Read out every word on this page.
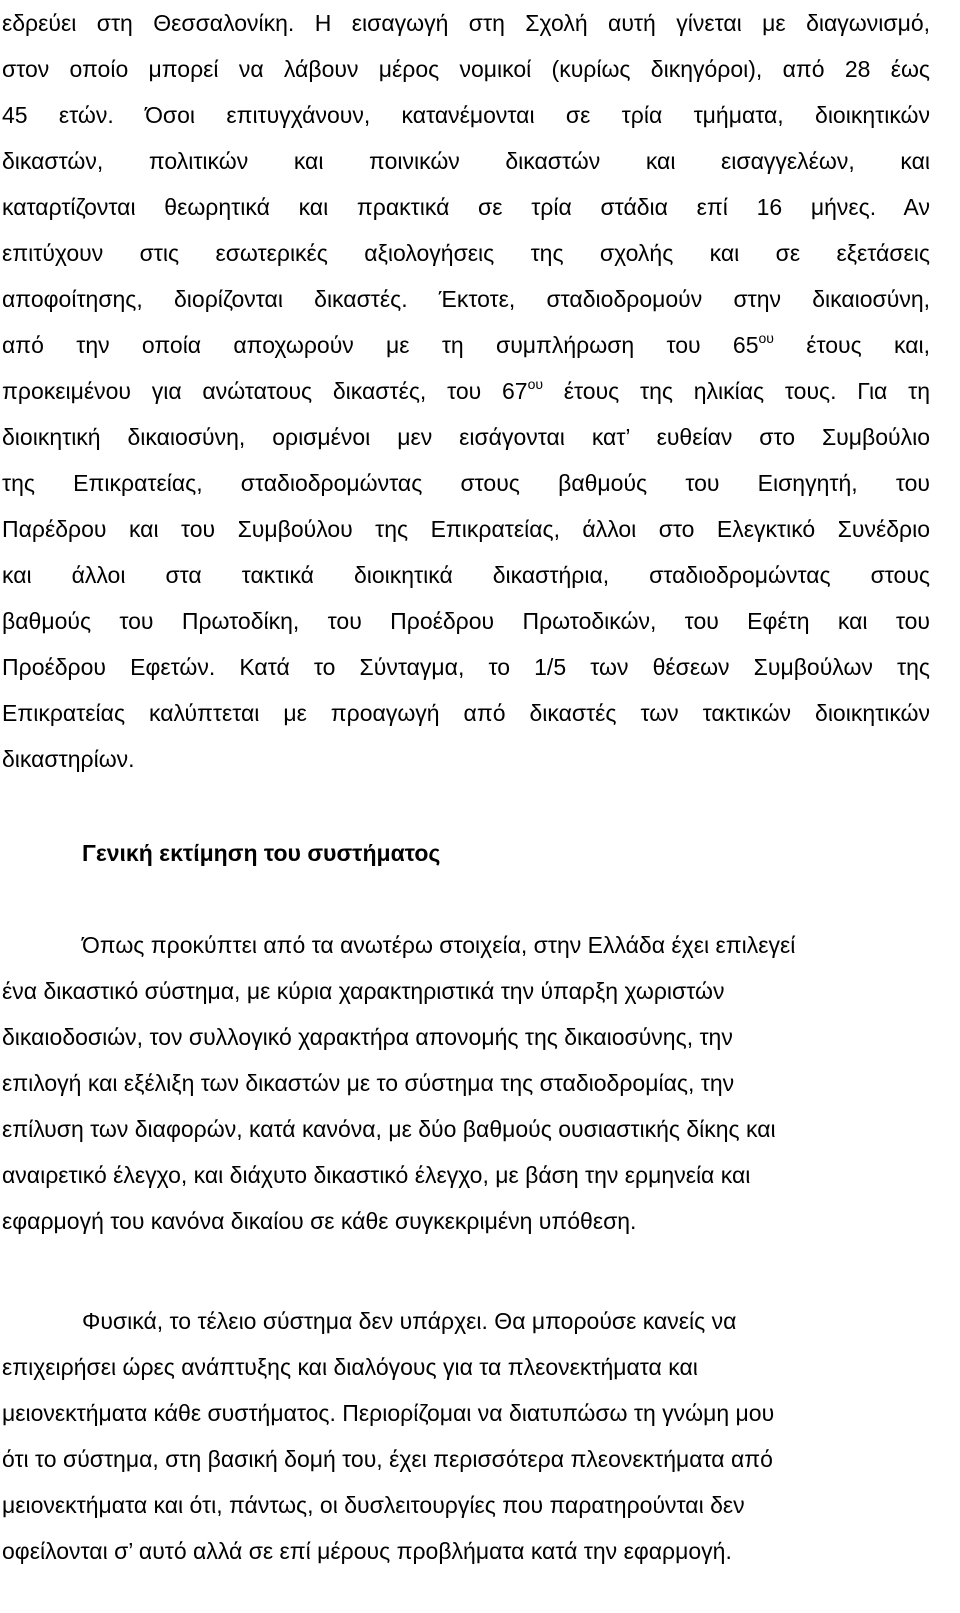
εδρεύει στη Θεσσαλονίκη. Η εισαγωγή στη Σχολή αυτή γίνεται με διαγωνισμό,
στον οποίο μπορεί να λάβουν μέρος νομικοί (κυρίως δικηγόροι), από 28 έως
45 ετών. Όσοι επιτυγχάνουν, κατανέμονται σε τρία τμήματα, διοικητικών
δικαστών, πολιτικών και ποινικών δικαστών και εισαγγελέων, και
καταρτίζονται θεωρητικά και πρακτικά σε τρία στάδια επί 16 μήνες. Αν
επιτύχουν στις εσωτερικές αξιολογήσεις της σχολής και σε εξετάσεις
αποφοίτησης, διορίζονται δικαστές. Έκτοτε, σταδιοδρομούν στην δικαιοσύνη,
από την οποία αποχωρούν με τη συμπλήρωση του $65^{o\upsilon}$ έτους και,
προκειμένου για ανώτατους δικαστές, του $67^{o\upsilon}$ έτους της ηλικίας τους. Για τη
διοικητική δικαιοσύνη, ορισμένοι μεν εισάγονται κατ’ ευθείαν στο Συμβούλιο
της Επικρατείας, σταδιοδρομώντας στους βαθμούς του Εισηγητή, του
Παρέδρου και του Συμβούλου της Επικρατείας, άλλοι στο Ελεγκτικό Συνέδριο
και άλλοι στα τακτικά διοικητικά δικαστήρια, σταδιοδρομώντας στους
βαθμούς του Πρωτοδίκη, του Προέδρου Πρωτοδικών, του Εφέτη και του
Προέδρου Εφετών. Κατά το Σύνταγμα, το 1/5 των θέσεων Συμβούλων της
Επικρατείας καλύπτεται με προαγωγή από δικαστές των τακτικών διοικητικών
δικαστηρίων.
Γενική εκτίμηση του συστήματος
Όπως προκύπτει από τα ανωτέρω στοιχεία, στην Ελλάδα έχει επιλεγεί
ένα δικαστικό σύστημα, με κύρια χαρακτηριστικά την ύπαρξη χωριστών
δικαιοδοσιών, τον συλλογικό χαρακτήρα απονομής της δικαιοσύνης, την
επιλογή και εξέλιξη των δικαστών με το σύστημα της σταδιοδρομίας, την
επίλυση των διαφορών, κατά κανόνα, με δύο βαθμούς ουσιαστικής δίκης και
αναιρετικό έλεγχο, και διάχυτο δικαστικό έλεγχο, με βάση την ερμηνεία και
εφαρμογή του κανόνα δικαίου σε κάθε συγκεκριμένη υπόθεση.
Φυσικά, το τέλειο σύστημα δεν υπάρχει. Θα μπορούσε κανείς να
επιχειρήσει ώρες ανάπτυξης και διαλόγους για τα πλεονεκτήματα και
μειονεκτήματα κάθε συστήματος. Περιορίζομαι να διατυπώσω τη γνώμη μου
ότι το σύστημα, στη βασική δομή του, έχει περισσότερα πλεονεκτήματα από
μειονεκτήματα και ότι, πάντως, οι δυσλειτουργίες που παρατηρούνται δεν
οφείλονται σ’ αυτό αλλά σε επί μέρους προβλήματα κατά την εφαρμογή.
